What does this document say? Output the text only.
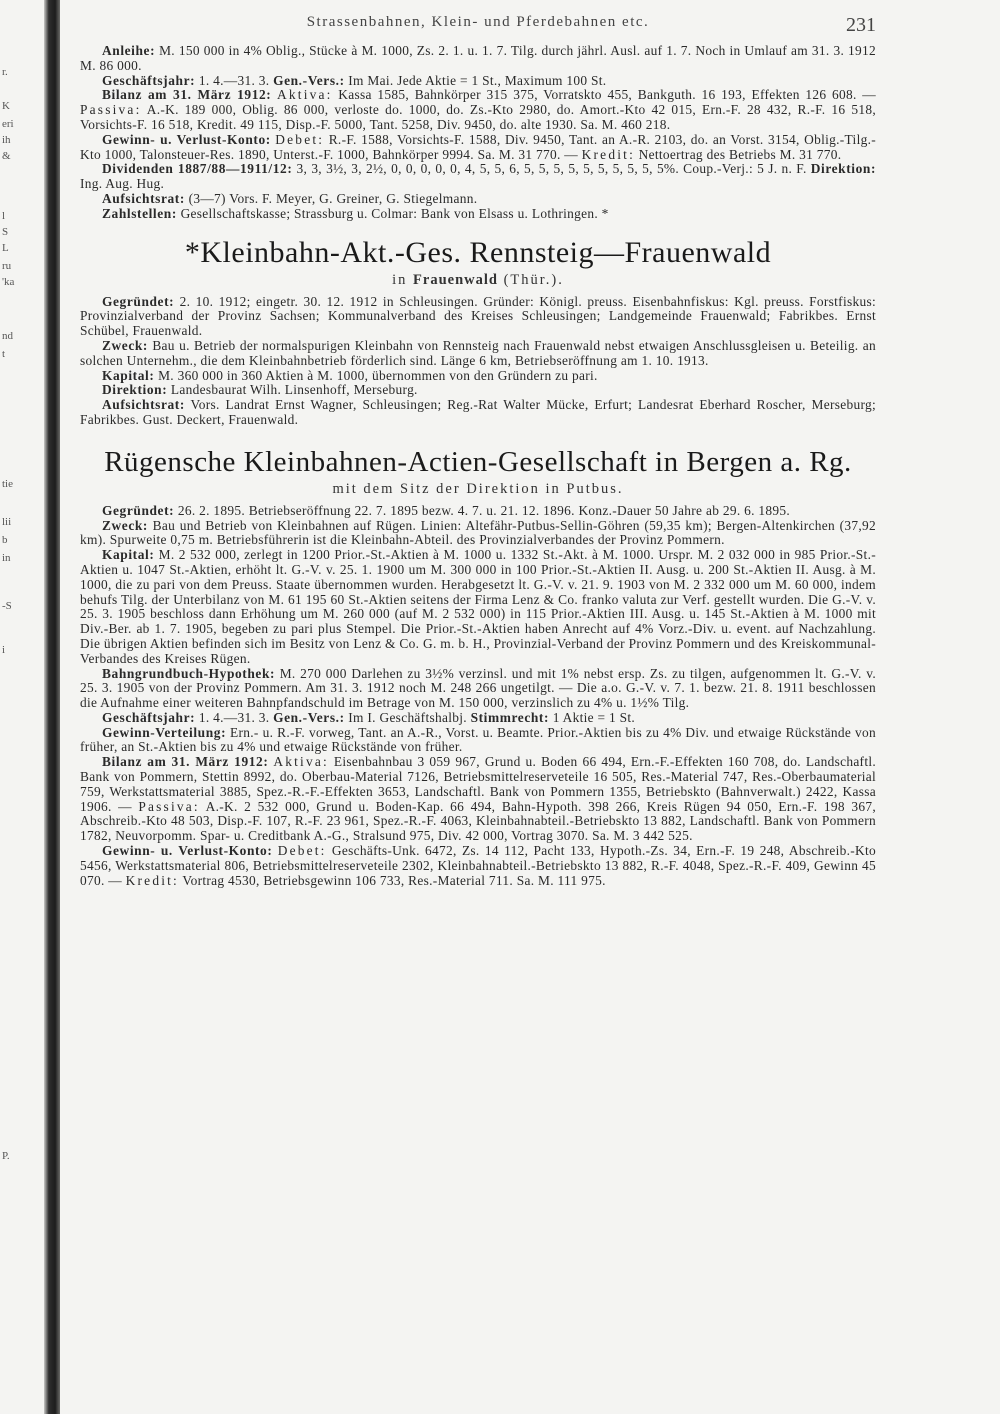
r.
K
eri
ih
&
l
S
L
ru
'ka
nd
t
tie
lii
b
in
-S
i
P.
Strassenbahnen, Klein- und Pferdebahnen etc.	231

Anleihe: M. 150 000 in 4% Oblig., Stücke à M. 1000, Zs. 2. 1. u. 1. 7. Tilg. durch jährl. Ausl. auf 1. 7. Noch in Umlauf am 31. 3. 1912 M. 86 000.

Geschäftsjahr: 1. 4.—31. 3. Gen.-Vers.: Im Mai. Jede Aktie = 1 St., Maximum 100 St.

Bilanz am 31. März 1912: Aktiva: Kassa 1585, Bahnkörper 315 375, Vorratskto 455, Bankguth. 16 193, Effekten 126 608. — Passiva: A.-K. 189 000, Oblig. 86 000, verloste do. 1000, do. Zs.-Kto 2980, do. Amort.-Kto 42 015, Ern.-F. 28 432, R.-F. 16 518, Vorsichts-F. 16 518, Kredit. 49 115, Disp.-F. 5000, Tant. 5258, Div. 9450, do. alte 1930. Sa. M. 460 218.

Gewinn- u. Verlust-Konto: Debet: R.-F. 1588, Vorsichts-F. 1588, Div. 9450, Tant. an A.-R. 2103, do. an Vorst. 3154, Oblig.-Tilg.-Kto 1000, Talonsteuer-Res. 1890, Unterst.-F. 1000, Bahnkörper 9994. Sa. M. 31 770. — Kredit: Nettoertrag des Betriebs M. 31 770.

Dividenden 1887/88—1911/12: 3, 3, 3½, 3, 2½, 0, 0, 0, 0, 0, 4, 5, 5, 6, 5, 5, 5, 5, 5, 5, 5, 5, 5, 5%. Coup.-Verj.: 5 J. n. F. Direktion: Ing. Aug. Hug.

Aufsichtsrat: (3—7) Vors. F. Meyer, G. Greiner, G. Stiegelmann.

Zahlstellen: Gesellschaftskasse; Strassburg u. Colmar: Bank von Elsass u. Lothringen. *

*Kleinbahn-Akt.-Ges. Rennsteig—Frauenwald
in Frauenwald (Thür.).

Gegründet: 2. 10. 1912; eingetr. 30. 12. 1912 in Schleusingen. Gründer: Königl. preuss. Eisenbahnfiskus: Kgl. preuss. Forstfiskus: Provinzialverband der Provinz Sachsen; Kommunalverband des Kreises Schleusingen; Landgemeinde Frauenwald; Fabrikbes. Ernst Schübel, Frauenwald.

Zweck: Bau u. Betrieb der normalspurigen Kleinbahn von Rennsteig nach Frauenwald nebst etwaigen Anschlussgleisen u. Beteilig. an solchen Unternehm., die dem Kleinbahnbetrieb förderlich sind. Länge 6 km, Betriebseröffnung am 1. 10. 1913.

Kapital: M. 360 000 in 360 Aktien à M. 1000, übernommen von den Gründern zu pari.

Direktion: Landesbaurat Wilh. Linsenhoff, Merseburg.

Aufsichtsrat: Vors. Landrat Ernst Wagner, Schleusingen; Reg.-Rat Walter Mücke, Erfurt; Landesrat Eberhard Roscher, Merseburg; Fabrikbes. Gust. Deckert, Frauenwald.

Rügensche Kleinbahnen-Actien-Gesellschaft in Bergen a. Rg.
mit dem Sitz der Direktion in Putbus.

Gegründet: 26. 2. 1895. Betriebseröffnung 22. 7. 1895 bezw. 4. 7. u. 21. 12. 1896. Konz.-Dauer 50 Jahre ab 29. 6. 1895.

Zweck: Bau und Betrieb von Kleinbahnen auf Rügen. Linien: Altefähr-Putbus-Sellin-Göhren (59,35 km); Bergen-Altenkirchen (37,92 km). Spurweite 0,75 m. Betriebsführerin ist die Kleinbahn-Abteil. des Provinzialverbandes der Provinz Pommern.

Kapital: M. 2 532 000, zerlegt in 1200 Prior.-St.-Aktien à M. 1000 u. 1332 St.-Akt. à M. 1000. Urspr. M. 2 032 000 in 985 Prior.-St.-Aktien u. 1047 St.-Aktien, erhöht lt. G.-V. v. 25. 1. 1900 um M. 300 000 in 100 Prior.-St.-Aktien II. Ausg. u. 200 St.-Aktien II. Ausg. à M. 1000, die zu pari von dem Preuss. Staate übernommen wurden. Herabgesetzt lt. G.-V. v. 21. 9. 1903 von M. 2 332 000 um M. 60 000, indem behufs Tilg. der Unterbilanz von M. 61 195 60 St.-Aktien seitens der Firma Lenz & Co. franko valuta zur Verf. gestellt wurden. Die G.-V. v. 25. 3. 1905 beschloss dann Erhöhung um M. 260 000 (auf M. 2 532 000) in 115 Prior.-Aktien III. Ausg. u. 145 St.-Aktien à M. 1000 mit Div.-Ber. ab 1. 7. 1905, begeben zu pari plus Stempel. Die Prior.-St.-Aktien haben Anrecht auf 4% Vorz.-Div. u. event. auf Nachzahlung. Die übrigen Aktien befinden sich im Besitz von Lenz & Co. G. m. b. H., Provinzial-Verband der Provinz Pommern und des Kreiskommunal-Verbandes des Kreises Rügen.

Bahngrundbuch-Hypothek: M. 270 000 Darlehen zu 3½% verzinsl. und mit 1% nebst ersp. Zs. zu tilgen, aufgenommen lt. G.-V. v. 25. 3. 1905 von der Provinz Pommern. Am 31. 3. 1912 noch M. 248 266 ungetilgt. — Die a.o. G.-V. v. 7. 1. bezw. 21. 8. 1911 beschlossen die Aufnahme einer weiteren Bahnpfandschuld im Betrage von M. 150 000, verzinslich zu 4% u. 1½% Tilg.

Geschäftsjahr: 1. 4.—31. 3. Gen.-Vers.: Im I. Geschäftshalbj. Stimmrecht: 1 Aktie = 1 St.

Gewinn-Verteilung: Ern.- u. R.-F. vorweg, Tant. an A.-R., Vorst. u. Beamte. Prior.-Aktien bis zu 4% Div. und etwaige Rückstände von früher, an St.-Aktien bis zu 4% und etwaige Rückstände von früher.

Bilanz am 31. März 1912: Aktiva: Eisenbahnbau 3 059 967, Grund u. Boden 66 494, Ern.-F.-Effekten 160 708, do. Landschaftl. Bank von Pommern, Stettin 8992, do. Oberbau-Material 7126, Betriebsmittelreserveteile 16 505, Res.-Material 747, Res.-Oberbaumaterial 759, Werkstattsmaterial 3885, Spez.-R.-F.-Effekten 3653, Landschaftl. Bank von Pommern 1355, Betriebskto (Bahnverwalt.) 2422, Kassa 1906. — Passiva: A.-K. 2 532 000, Grund u. Boden-Kap. 66 494, Bahn-Hypoth. 398 266, Kreis Rügen 94 050, Ern.-F. 198 367, Abschreib.-Kto 48 503, Disp.-F. 107, R.-F. 23 961, Spez.-R.-F. 4063, Kleinbahnabteil.-Betriebskto 13 882, Landschaftl. Bank von Pommern 1782, Neuvorpomm. Spar- u. Creditbank A.-G., Stralsund 975, Div. 42 000, Vortrag 3070. Sa. M. 3 442 525.

Gewinn- u. Verlust-Konto: Debet: Geschäfts-Unk. 6472, Zs. 14 112, Pacht 133, Hypoth.-Zs. 34, Ern.-F. 19 248, Abschreib.-Kto 5456, Werkstattsmaterial 806, Betriebsmittelreserveteile 2302, Kleinbahnabteil.-Betriebskto 13 882, R.-F. 4048, Spez.-R.-F. 409, Gewinn 45 070. — Kredit: Vortrag 4530, Betriebsgewinn 106 733, Res.-Material 711. Sa. M. 111 975.
